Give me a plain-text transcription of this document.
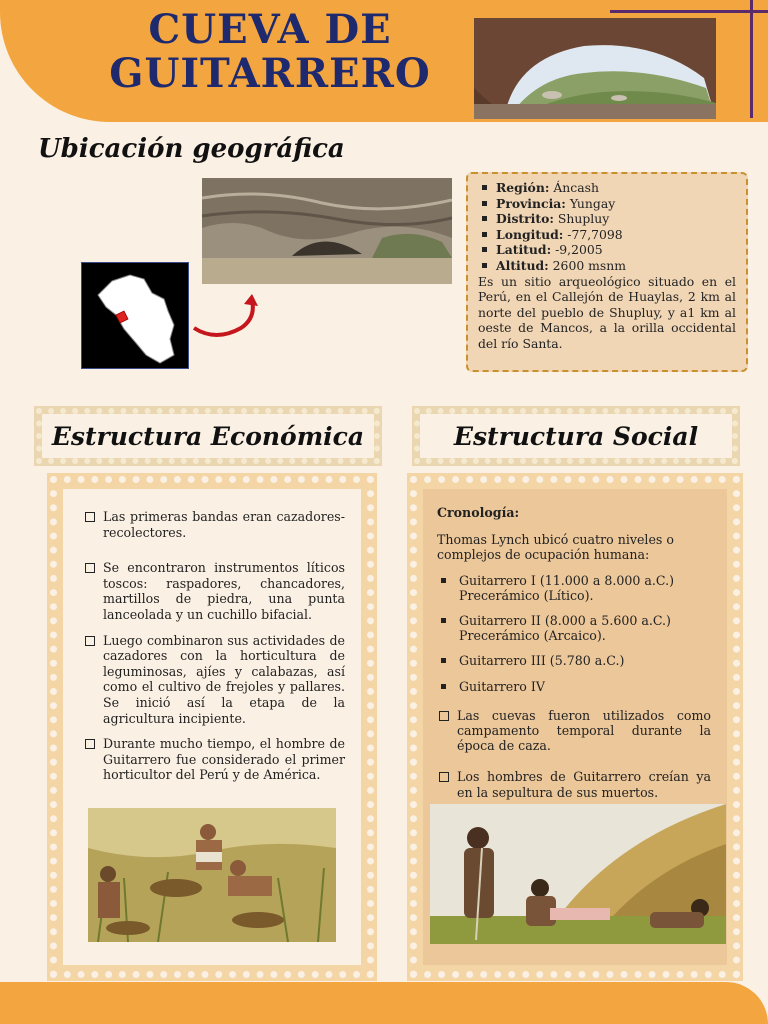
CUEVA DE
GUITARRERO
Ubicación geográfica
Región: Áncash
Provincia: Yungay
Distrito: Shupluy
Longitud: -77,7098
Latitud: -9,2005
Altitud: 2600 msnm

Es un sitio arqueológico situado en el Perú, en el Callejón de Huaylas, 2 km al norte del pueblo de Shupluy, y a1 km al oeste de Mancos, a la orilla occidental del río Santa.

Estructura Económica	Estructura Social

Las primeras bandas eran cazadores-recolectores.

Se encontraron instrumentos líticos toscos: raspadores, chancadores, martillos de piedra, una punta lanceolada y un cuchillo bifacial.

Luego combinaron sus actividades de cazadores con la horticultura de leguminosas, ajíes y calabazas, así como el cultivo de frejoles y pallares. Se inició así la etapa de la agricultura incipiente.

Durante mucho tiempo, el hombre de Guitarrero fue considerado el primer horticultor del Perú y de América.

Cronología:

Thomas Lynch ubicó cuatro niveles o complejos de ocupación humana:

Guitarrero I (11.000 a 8.000 a.C.) Precerámico (Lítico).

Guitarrero II (8.000 a 5.600 a.C.) Precerámico (Arcaico).

Guitarrero III (5.780 a.C.)

Guitarrero IV

Las cuevas fueron utilizados como campamento temporal durante la época de caza.

Los hombres de Guitarrero creían ya en la sepultura de sus muertos.
